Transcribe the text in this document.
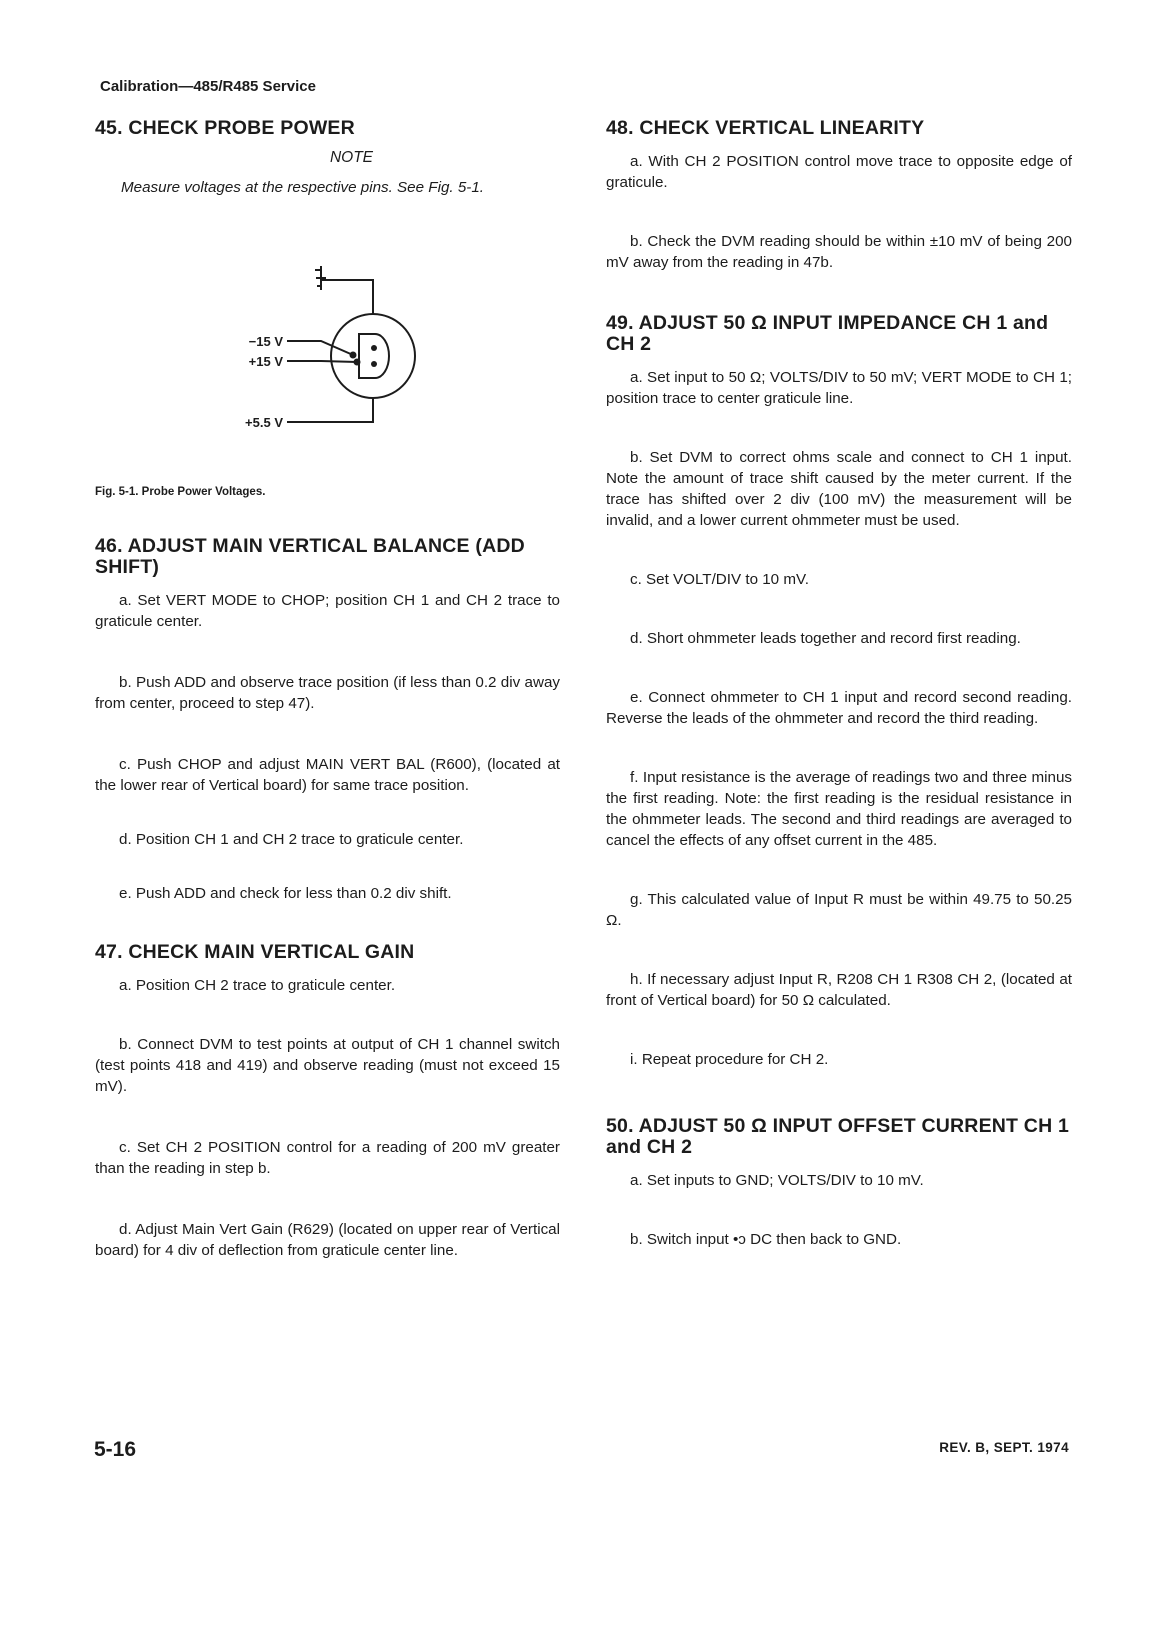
Calibration—485/R485 Service
45. CHECK PROBE POWER

NOTE

Measure voltages at the respective pins. See Fig. 5-1.

−15 V
+15 V
+5.5 V

Fig. 5-1. Probe Power Voltages.

46. ADJUST MAIN VERTICAL BALANCE (ADD SHIFT)

a. Set VERT MODE to CHOP; position CH 1 and CH 2 trace to graticule center.

b. Push ADD and observe trace position (if less than 0.2 div away from center, proceed to step 47).

c. Push CHOP and adjust MAIN VERT BAL (R600), (located at the lower rear of Vertical board) for same trace position.

d. Position CH 1 and CH 2 trace to graticule center.

e. Push ADD and check for less than 0.2 div shift.

47. CHECK MAIN VERTICAL GAIN

a. Position CH 2 trace to graticule center.

b. Connect DVM to test points at output of CH 1 channel switch (test points 418 and 419) and observe reading (must not exceed 15 mV).

c. Set CH 2 POSITION control for a reading of 200 mV greater than the reading in step b.

d. Adjust Main Vert Gain (R629) (located on upper rear of Vertical board) for 4 div of deflection from graticule center line.

48. CHECK VERTICAL LINEARITY

a. With CH 2 POSITION control move trace to opposite edge of graticule.

b. Check the DVM reading should be within ±10 mV of being 200 mV away from the reading in 47b.

49. ADJUST 50 Ω INPUT IMPEDANCE CH 1 and CH 2

a. Set input to 50 Ω; VOLTS/DIV to 50 mV; VERT MODE to CH 1; position trace to center graticule line.

b. Set DVM to correct ohms scale and connect to CH 1 input. Note the amount of trace shift caused by the meter current. If the trace has shifted over 2 div (100 mV) the measurement will be invalid, and a lower current ohmmeter must be used.

c. Set VOLT/DIV to 10 mV.

d. Short ohmmeter leads together and record first reading.

e. Connect ohmmeter to CH 1 input and record second reading. Reverse the leads of the ohmmeter and record the third reading.

f. Input resistance is the average of readings two and three minus the first reading. Note: the first reading is the residual resistance in the ohmmeter leads. The second and third readings are averaged to cancel the effects of any offset current in the 485.

g. This calculated value of Input R must be within 49.75 to 50.25 Ω.

h. If necessary adjust Input R, R208 CH 1 R308 CH 2, (located at front of Vertical board) for 50 Ω calculated.

i. Repeat procedure for CH 2.

50. ADJUST 50 Ω INPUT OFFSET CURRENT CH 1 and CH 2

a. Set inputs to GND; VOLTS/DIV to 10 mV.

b. Switch input •ɔ DC then back to GND.

5-16	REV. B, SEPT. 1974
